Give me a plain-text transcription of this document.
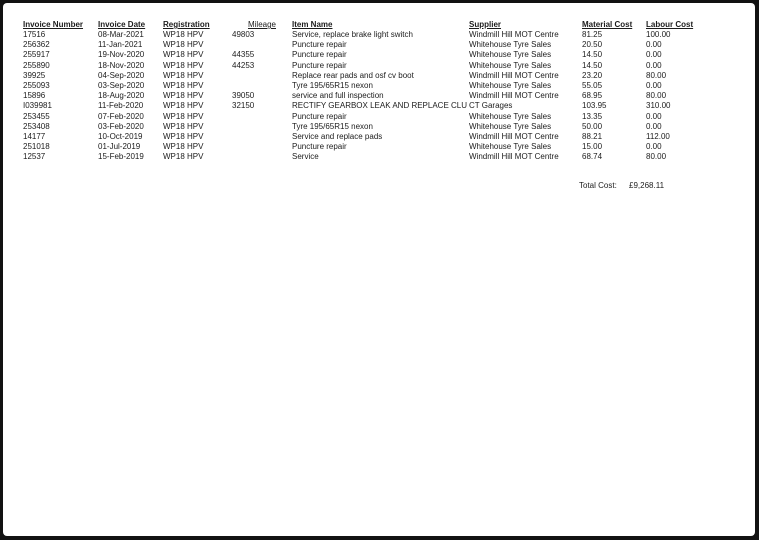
Invoice Number	Invoice Date	Registration	Mileage	Item Name	Supplier	Material Cost	Labour Cost
17516	08-Mar-2021	WP18 HPV	49803	Service, replace brake light switch	Windmill Hill MOT Centre	81.25	100.00
256362	11-Jan-2021	WP18 HPV		Puncture repair	Whitehouse Tyre Sales	20.50	0.00
255917	19-Nov-2020	WP18 HPV	44355	Puncture repair	Whitehouse Tyre Sales	14.50	0.00
255890	18-Nov-2020	WP18 HPV	44253	Puncture repair	Whitehouse Tyre Sales	14.50	0.00
39925	04-Sep-2020	WP18 HPV		Replace rear pads and osf cv boot	Windmill Hill MOT Centre	23.20	80.00
255093	03-Sep-2020	WP18 HPV		Tyre 195/65R15 nexon	Whitehouse Tyre Sales	55.05	0.00
15896	18-Aug-2020	WP18 HPV	39050	service and full inspection	Windmill Hill MOT Centre	68.95	80.00
I039981	11-Feb-2020	WP18 HPV	32150	RECTIFY GEARBOX LEAK AND REPLACE CLU	CT Garages	103.95	310.00
253455	07-Feb-2020	WP18 HPV		Puncture repair	Whitehouse Tyre Sales	13.35	0.00
253408	03-Feb-2020	WP18 HPV		Tyre 195/65R15 nexon	Whitehouse Tyre Sales	50.00	0.00
14177	10-Oct-2019	WP18 HPV		Service and replace pads	Windmill Hill MOT Centre	88.21	112.00
251018	01-Jul-2019	WP18 HPV		Puncture repair	Whitehouse Tyre Sales	15.00	0.00
12537	15-Feb-2019	WP18 HPV		Service	Windmill Hill MOT Centre	68.74	80.00
Total Cost: £9,268.11
